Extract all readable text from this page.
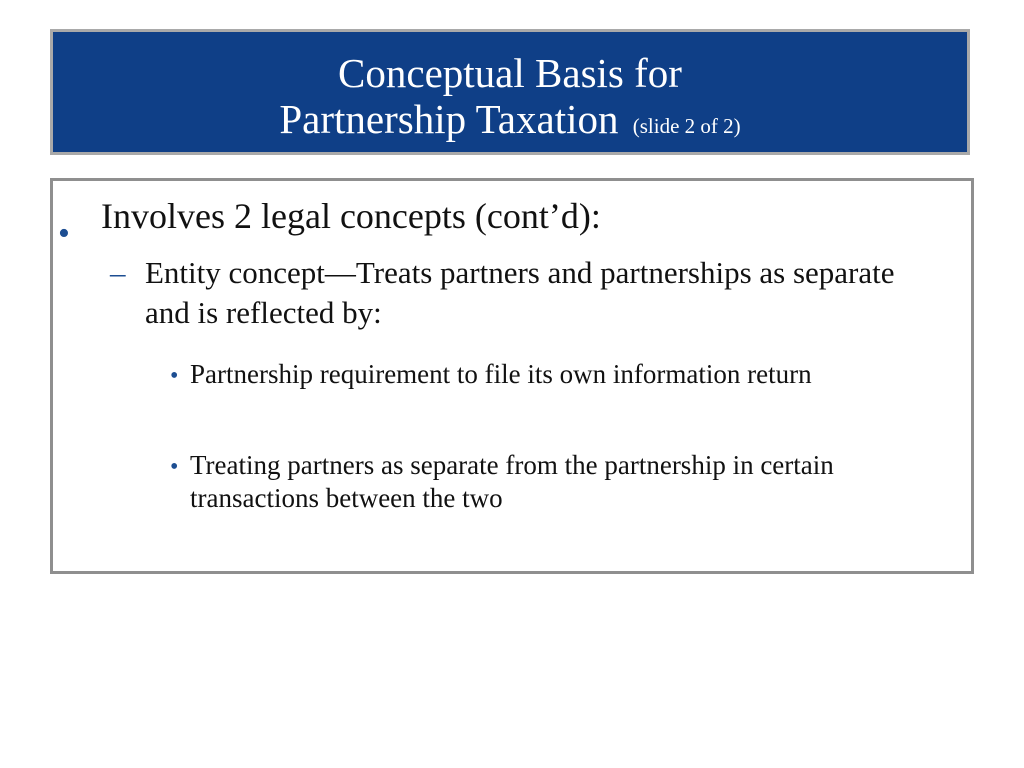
Conceptual Basis for
Partnership Taxation (slide 2 of 2)
• Involves 2 legal concepts (cont’d):
– Entity concept—Treats partners and partnerships as separate and is reflected by:
• Partnership requirement to file its own information return
• Treating partners as separate from the partnership in certain transactions between the two
